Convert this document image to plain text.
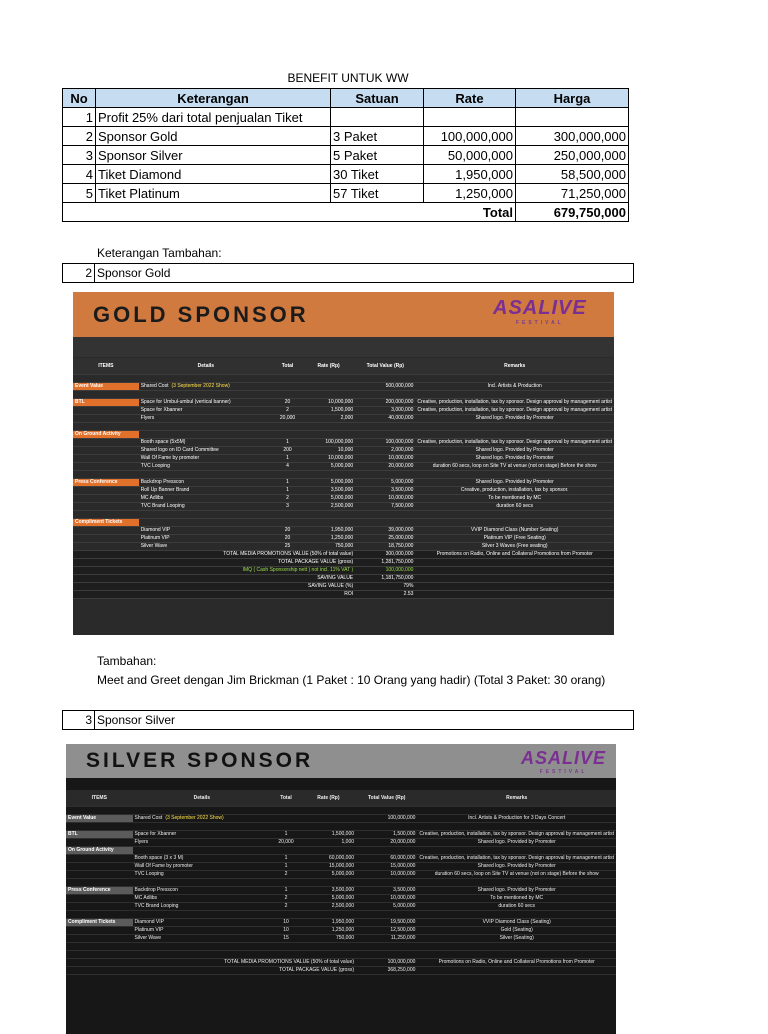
BENEFIT UNTUK WW
No	Keterangan	Satuan	Rate	Harga
1	Profit 25% dari total penjualan Tiket			
2	Sponsor Gold	3 Paket	100,000,000	300,000,000
3	Sponsor Silver	5 Paket	50,000,000	250,000,000
4	Tiket Diamond	30 Tiket	1,950,000	58,500,000
5	Tiket Platinum	57 Tiket	1,250,000	71,250,000
			Total	679,750,000
Keterangan Tambahan:
2 Sponsor Gold
GOLD SPONSOR	ASALIVE
FESTIVAL
ITEMS	Details	Total	Rate (Rp)	Total Value (Rp)	Remarks

Event Value	Shared Cost (3 September 2022 Show)			500,000,000	Incl. Artists & Production

BTL	Space for Umbul-umbul (vertical banner)	20	10,000,000	200,000,000	Creative, production, installation, tax by sponsor. Design approval by management artist
	Space for Xbanner	2	1,500,000	3,000,000	Creative, production, installation, tax by sponsor. Design approval by management artist
	Flyers	20,000	2,000	40,000,000	Shared logo. Provided by Promoter

On Ground Activity					
	Booth space (5x5M)	1	100,000,000	100,000,000	Creative, production, installation, tax by sponsor. Design approval by management artist
	Shared logo on ID Card Committee	200	10,000	2,000,000	Shared logo. Provided by Promoter
	Wall Of Fame by promoter	1	10,000,000	10,000,000	Shared logo. Provided by Promoter
	TVC Looping	4	5,000,000	20,000,000	duration 60 secs, loop on Site TV at venue (not on stage) Before the show

Press Conference	Backdrop Presscon	1	5,000,000	5,000,000	Shared logo. Provided by Promoter
	Roll Up Banner Brand	1	3,500,000	3,500,000	Creative, production, installation, tax by sponsor.
	MC Adlibs	2	5,000,000	10,000,000	To be mentioned by MC
	TVC Brand Looping	3	2,500,000	7,500,000	duration 60 secs

Compliment Tickets					
	Diamond VIP	20	1,950,000	39,000,000	VVIP Diamond Class (Number Seating)
	Platinum VIP	20	1,250,000	25,000,000	Platinum VIP (Free Seating)
	Silver Wave	25	750,000	18,750,000	Silver 3 Waves (Free seating)
TOTAL MEDIA PROMOTIONS VALUE (50% of total value)				300,000,000	Promotions on Radio, Online and Collateral Promotions from Promoter
TOTAL PACKAGE VALUE (gross)				1,281,750,000	
IMQ ( Cash Sponsorship nett ) not incl. 11% VAT )				100,000,000	
SAVING VALUE				1,181,750,000	
SAVING VALUE (%)				79%	
ROI				2.53	
Tambahan:
Meet and Greet dengan Jim Brickman (1 Paket : 10 Orang yang hadir) (Total 3 Paket: 30 orang)
3 Sponsor Silver
SILVER SPONSOR	ASALIVE
FESTIVAL
ITEMS	Details	Total	Rate (Rp)	Total Value (Rp)	Remarks

Event Value	Shared Cost (3 September 2022 Show)			100,000,000	Incl. Artists & Production for 3 Days Concert

BTL	Space for Xbanner	1	1,500,000	1,500,000	Creative, production, installation, tax by sponsor. Design approval by management artist
	Flyers	20,000	1,000	20,000,000	Shared logo. Provided by Promoter
On Ground Activity					
	Booth space (3 x 3 M)	1	60,000,000	60,000,000	Creative, production, installation, tax by sponsor. Design approval by management artist
	Wall Of Fame by promoter	1	15,000,000	15,000,000	Shared logo. Provided by Promoter
	TVC Looping	2	5,000,000	10,000,000	duration 60 secs, loop on Site TV at venue (not on stage) Before the show

Press Conference	Backdrop Presscon	1	3,500,000	3,500,000	Shared logo. Provided by Promoter
	MC Adlibs	2	5,000,000	10,000,000	To be mentioned by MC
	TVC Brand Looping	2	2,500,000	5,000,000	duration 60 secs

Compliment Tickets	Diamond VIP	10	1,950,000	19,500,000	VVIP Diamond Class (Seating)
	Platinum VIP	10	1,250,000	12,500,000	Gold (Seating)
	Silver Wave	15	750,000	11,250,000	Silver (Seating)

TOTAL MEDIA PROMOTIONS VALUE (50% of total value)				100,000,000	Promotions on Radio, Online and Collateral Promotions from Promoter
TOTAL PACKAGE VALUE (gross)				368,250,000	
